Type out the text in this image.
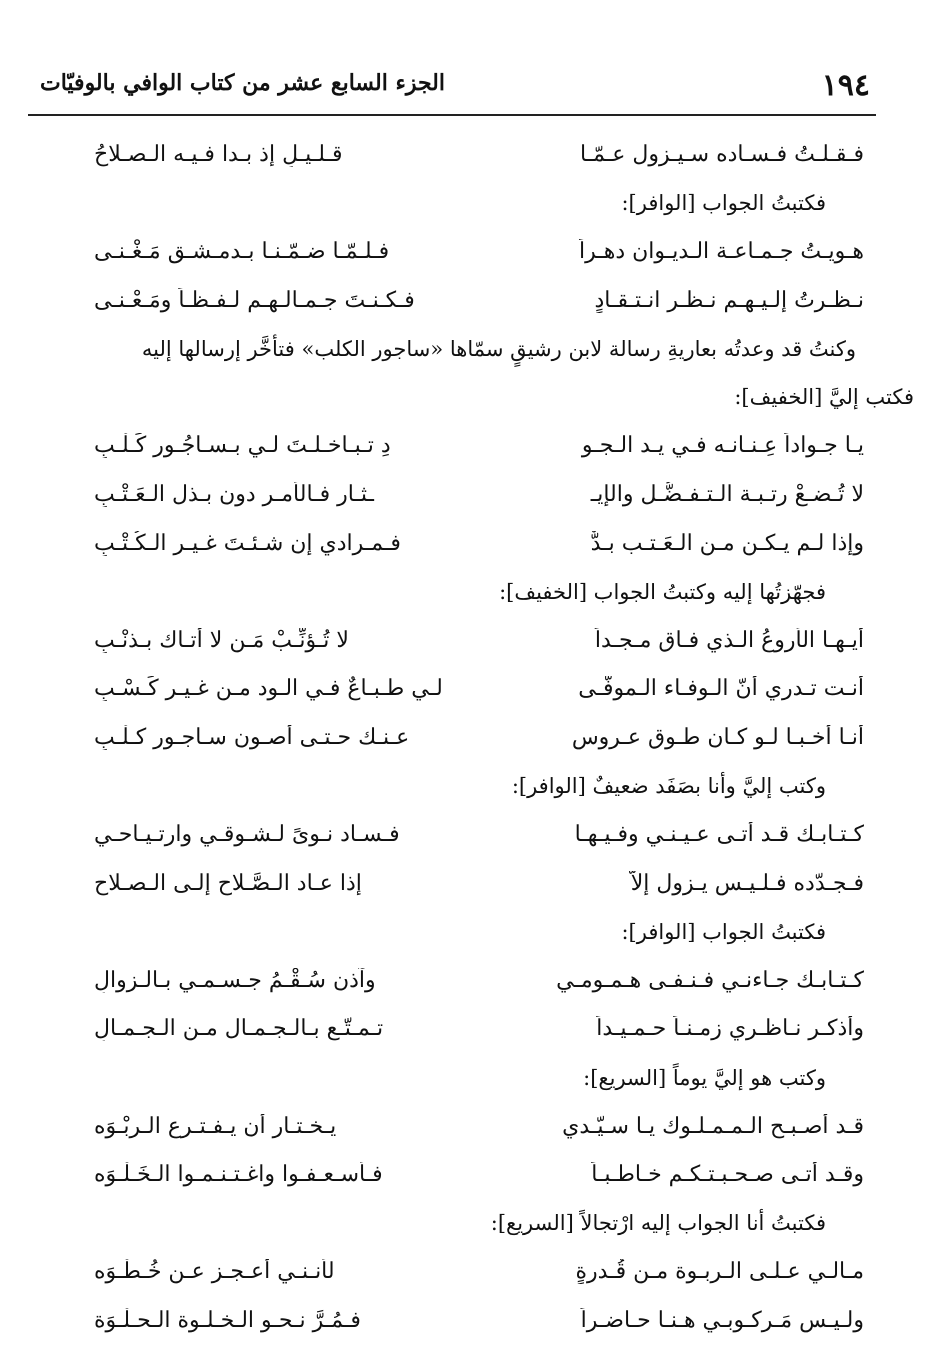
١٩٤
الجزء السابع عشر من كتاب الوافي بالوفيّات
فـقـلـتُ فـسـاده سـيـزول عـمّـا
قـلـيـلٍ إذ بـدا فـيـه الـصـلاحُ
فكتبتُ الجواب [الوافر]:
هـويـتُ جـمـاعـة الـديـوان دهـراً
فـلـمّـا ضـمّـنـا بـدمـشـق مَـغْـنـى
نـظـرتُ إلـيـهـم نـظـر انـتـقـادٍ
فـكـنـتَ جـمـالـهـم لـفـظـاً ومَـعْـنـى
وكنتُ قد وعدتُه بعاريةِ رسالة لابن رشيقٍ سمّاها «ساجور الكلب» فتأخَّر إرسالها إليه
فكتب إليَّ [الخفيف]:
يـا جـواداً عِـنـانـه فـي يـد الـجـو
دِ تـبـاخـلـتَ لـي بـسـاجُـور كَـلْـبِ
لا تُـضـعْ رتـبـة الـتـفـضُّـل والإيـ
ـثـار فـالأمـر دون بـذل الـعَـتْـبِ
وإذا لـم يـكـن مـن الـعَـتـب بـدٌّ
فـمـرادي إن شـئـتَ غـيـر الـكُـتْـبِ
فجهّزتُها إليه وكتبتُ الجواب [الخفيف]:
أيـهـا الأروعُ الـذي فـاق مـجـداً
لا تُـؤنِّـبْ مَـن لا أتـاك بـذنْـبِ
أنـت تـدري أنّ الـوفـاء الـموفّـى
لـي طـبـاعٌ فـي الـود مـن غـيـر كَـسْـبِ
أنـا أخـبـا لـو كـان طـوق عـروسٍ
عـنـك حـتـى أصـون سـاجـور كـلْـبِ
وكتب إليَّ وأنا بصَفَد ضعيفٌ [الوافر]:
كـتـابـك قـد أتـى عـيـنـي وفـيـهـا
فـسـاد نـوىً لـشـوقـي وارتـيـاحـي
فـجـدّده فـلـيـس يـزول إلاّ
إذا عـاد الـصَّـلاح إلـى الـصـلاحِ
فكتبتُ الجواب [الوافر]:
كـتـابـك جـاءنـي فـنـفـى هـمـومـي
وآذن سُـقْـمُ جـسـمـي بـالـزوالِ
وأذكـر نـاظـري زمـنـاً حـمـيـداً
تـمـتّـع بـالـجـمـال مـن الـجـمـالِ
وكتب هو إليَّ يوماً [السريع]:
قـد أصـبـح الـمـمـلـوك يـا سـيّـدي
يـخـتـار أن يـفـتـرع الـربْـوَه
وقـد أتـى صـحـبـتـكـم خـاطـبـاً
فـأسـعـفـوا واغـتـنـمـوا الـخَـلْـوَه
فكتبتُ أنا الجواب إليه ارْتجالاً [السريع]:
مـالـي عـلـى الـربـوة مـن قُـدرةٍ
لأنـنـي أعـجـز عـن خُـطْـوَه
ولـيـس مَـركـوبـي هـنـا حـاضـراً
فـمُـرَّ نـحـو الـخـلـوة الـحـلْـوَة
